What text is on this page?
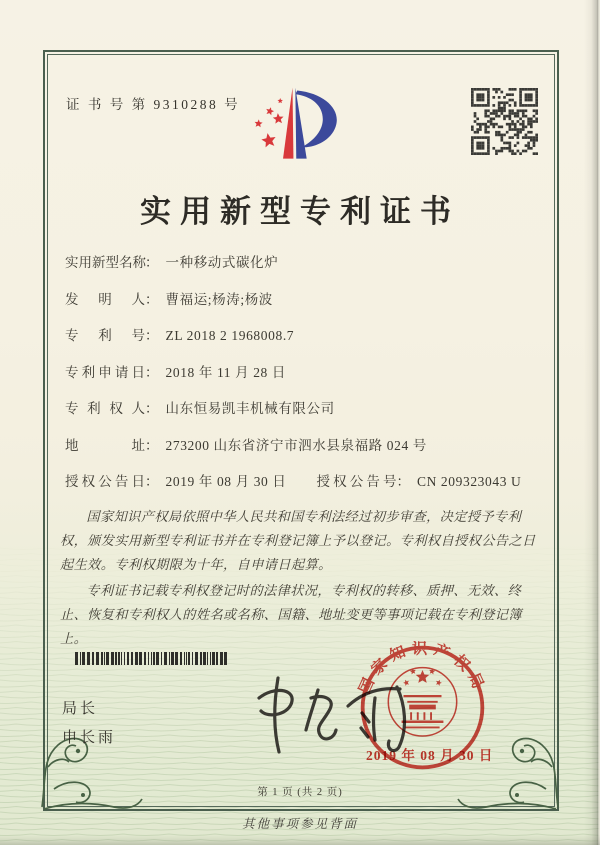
证 书 号 第 9310288 号
实用新型专利证书
实用新型名称 ： 一种移动式碳化炉
发明人 ： 曹福运;杨涛;杨波
专利号 ： ZL 2018 2 1968008.7
专利申请日 ： 2018 年 11 月 28 日
专利权人 ： 山东恒易凯丰机械有限公司
地址 ： 273200 山东省济宁市泗水县泉福路 024 号
授权公告日 ： 2019 年 08 月 30 日 授权公告号 ： CN 209323043 U

国家知识产权局依照中华人民共和国专利法经过初步审查，决定授予专利权，颁发实用新型专利证书并在专利登记簿上予以登记。专利权自授权公告之日起生效。专利权期限为十年，自申请日起算。

专利证书记载专利权登记时的法律状况，专利权的转移、质押、无效、终止、恢复和专利权人的姓名或名称、国籍、地址变更等事项记载在专利登记簿上。

局长
申长雨
国家知识产权局
2019 年 08 月 30 日
第 1 页 (共 2 页)
其他事项参见背面
